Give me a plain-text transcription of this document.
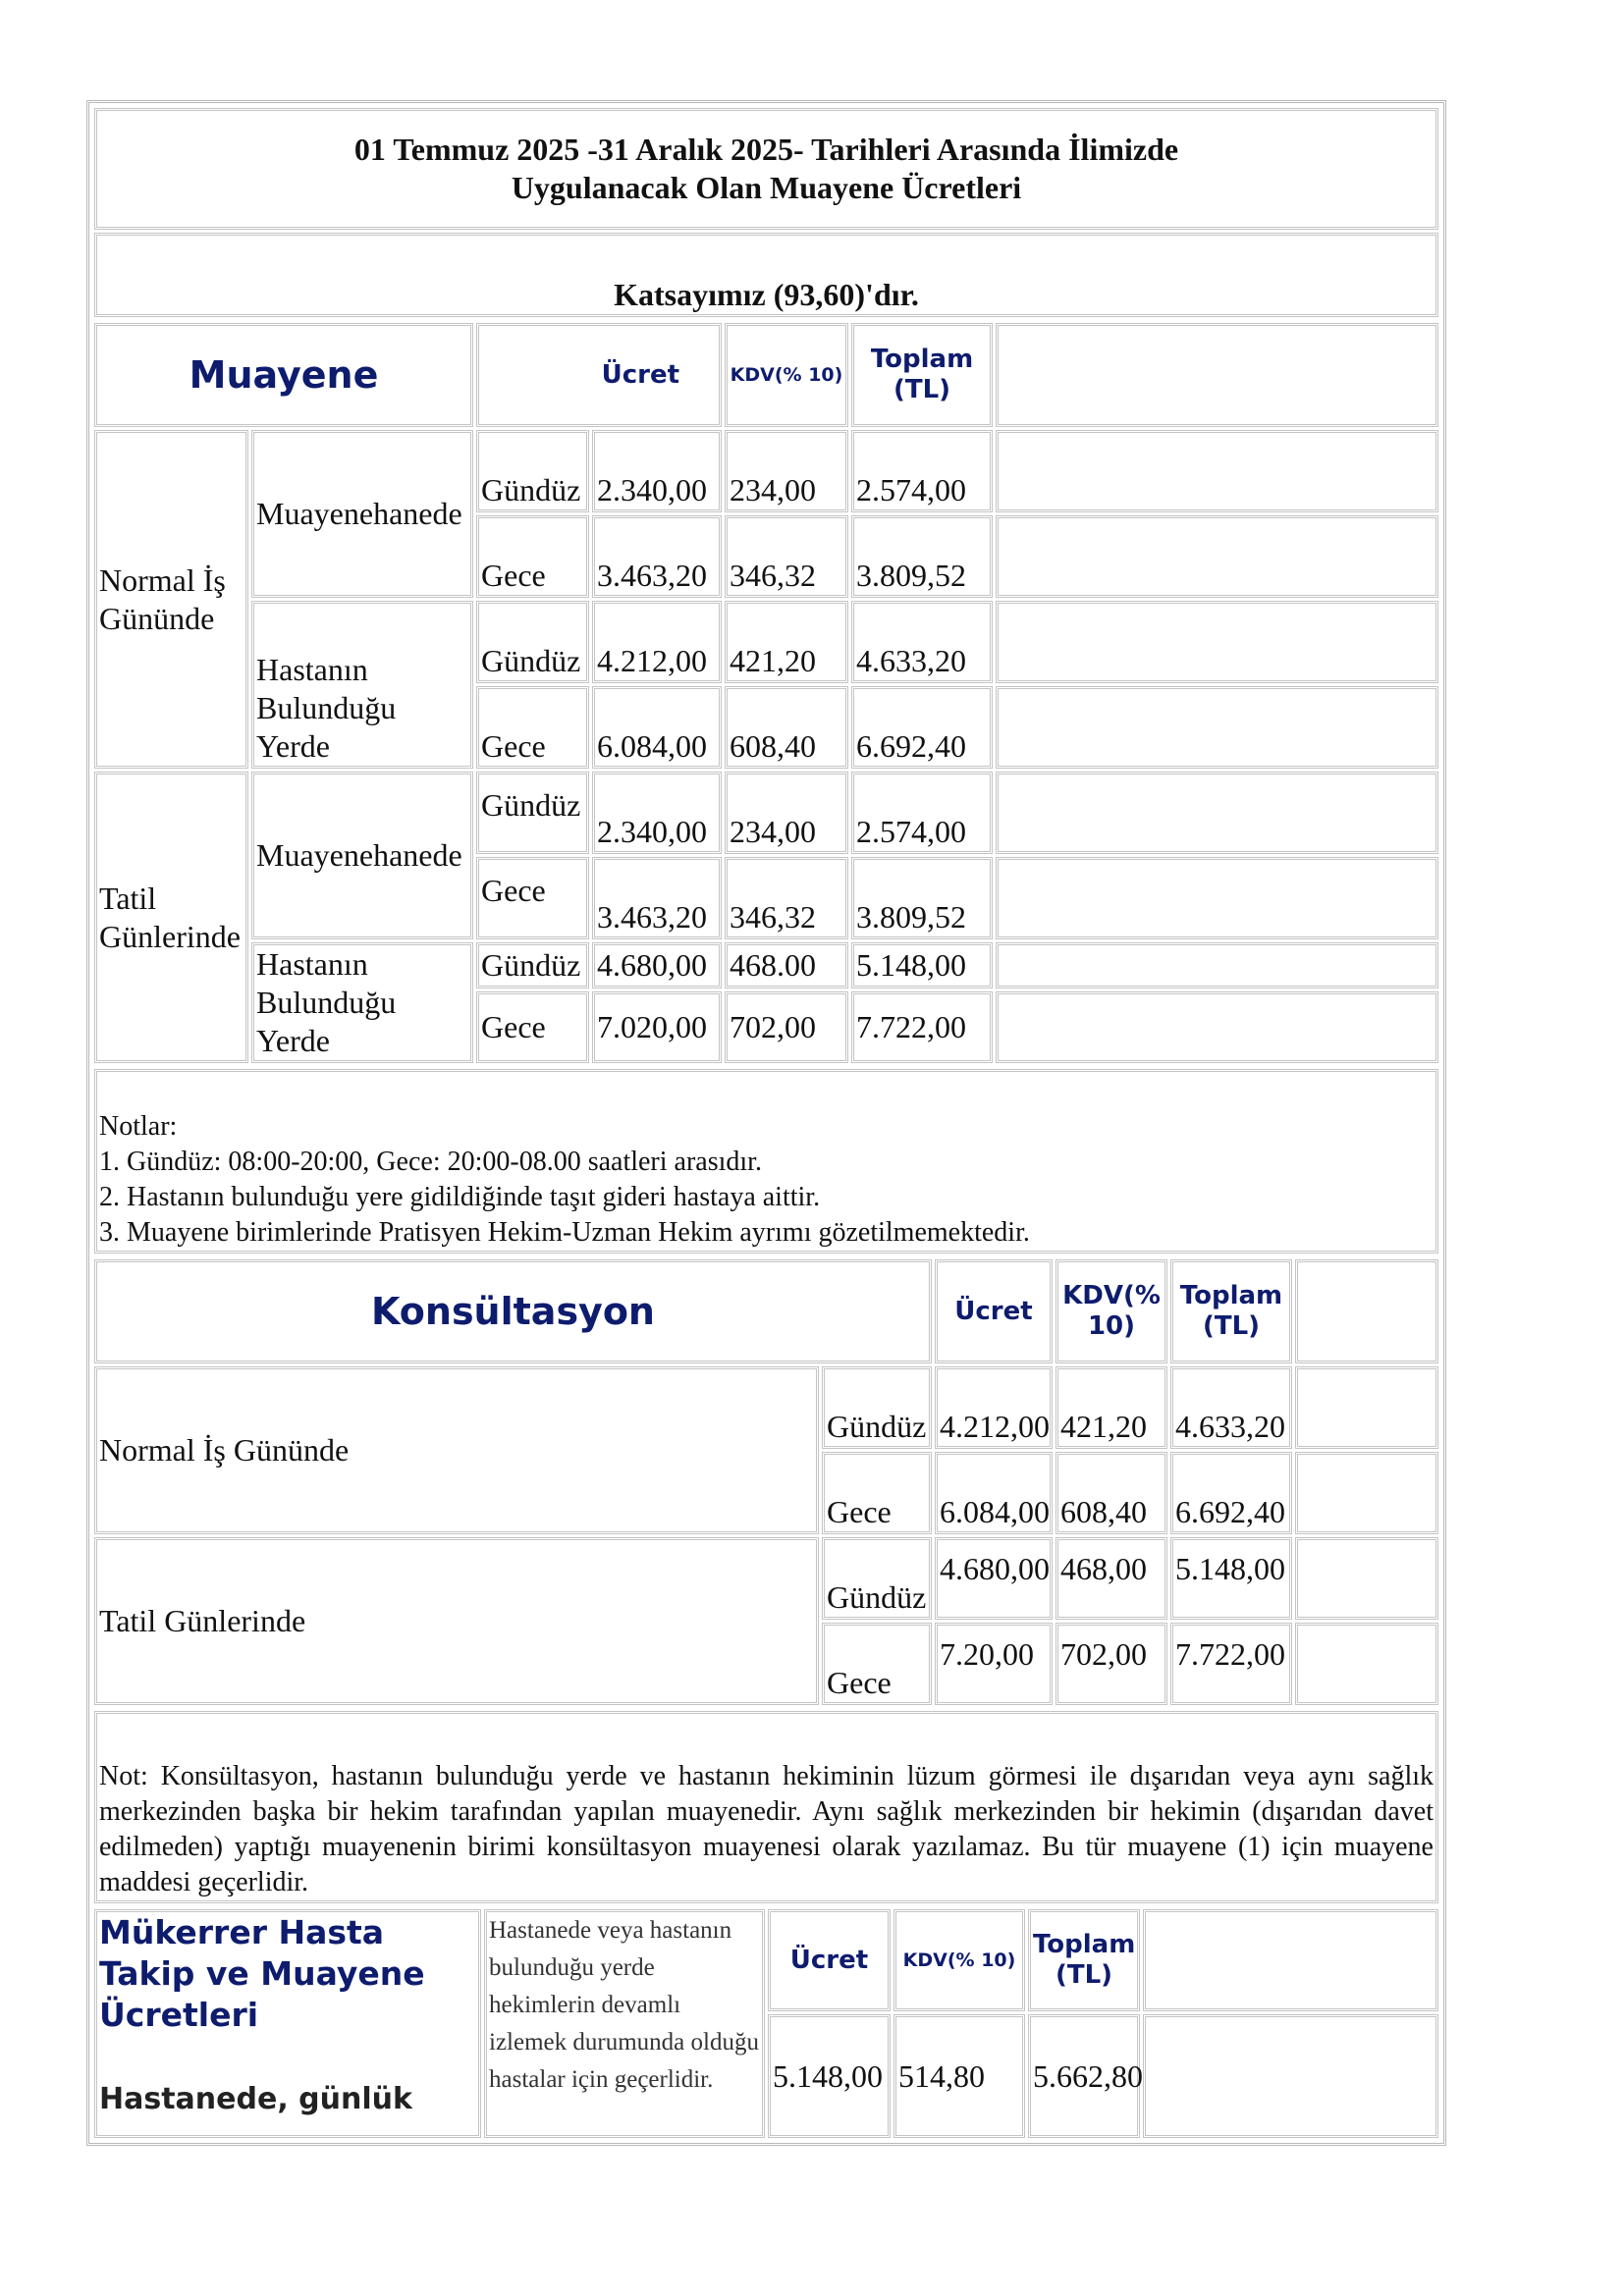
01 Temmuz 2025 -31 Aralık 2025- Tarihleri Arasında İlimizde
Uygulanacak Olan Muayene Ücretleri

Katsayımız (93,60)'dır.
Muayene		Ücret		KDV(% 10)	Toplam (TL)	
Normal İş Gününde	Muayenehanede	Gündüz	2.340,00	234,00	2.574,00	
		Gece	3.463,20	346,32	3.809,52	
	Hastanın Bulunduğu Yerde	Gündüz	4.212,00	421,20	4.633,20	
		Gece	6.084,00	608,40	6.692,40	
Tatil Günlerinde	Muayenehanede	Gündüz	2.340,00	234,00	2.574,00	
		Gece	3.463,20	346,32	3.809,52	
	Hastanın Bulunduğu Yerde	Gündüz	4.680,00	468.00	5.148,00	
		Gece	7.020,00	702,00	7.722,00	
Notlar:
1. Gündüz: 08:00-20:00, Gece: 20:00-08.00 saatleri arasıdır.
2. Hastanın bulunduğu yere gidildiğinde taşıt gideri hastaya aittir.
3. Muayene birimlerinde Pratisyen Hekim-Uzman Hekim ayrımı gözetilmemektedir.
Konsültasyon		Ücret	KDV(% 10)	Toplam (TL)	
Normal İş Gününde	Gündüz	4.212,00	421,20	4.633,20	
	Gece	6.084,00	608,40	6.692,40	
Tatil Günlerinde	Gündüz	4.680,00	468,00	5.148,00	
	Gece	7.20,00	702,00	7.722,00	
Not: Konsültasyon, hastanın bulunduğu yerde ve hastanın hekiminin lüzum görmesi ile dışarıdan veya aynı sağlık merkezinden başka bir hekim tarafından yapılan muayenedir. Aynı sağlık merkezinden bir hekimin (dışarıdan davet edilmeden) yaptığı muayenenin birimi konsültasyon muayenesi olarak yazılamaz. Bu tür muayene (1) için muayene maddesi geçerlidir.
Mükerrer Hasta Takip ve Muayene Ücretleri
Hastanede, günlük	Hastanede veya hastanın bulunduğu yerde hekimlerin devamlı izlemek durumunda olduğu hastalar için geçerlidir.	Ücret	KDV(% 10)	Toplam (TL)	
		5.148,00	514,80	5.662,80	
